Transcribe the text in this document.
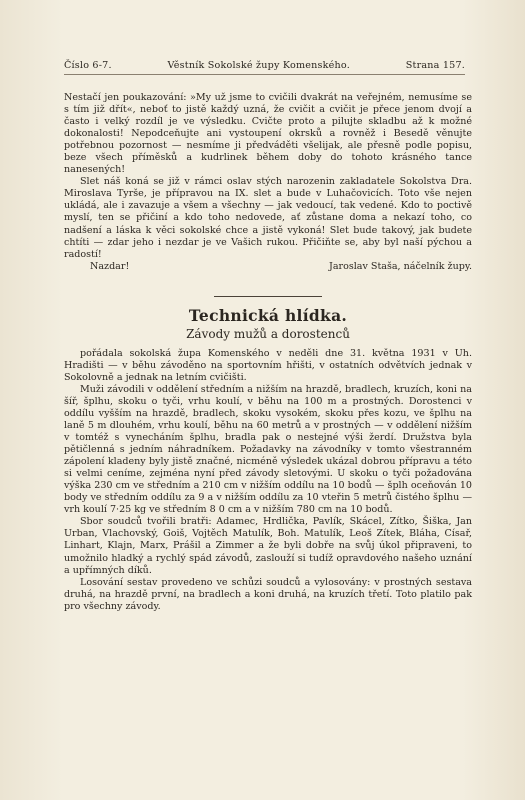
Číslo 6-7.	Věstník Sokolské župy Komenského.	Strana 157.

Nestačí jen poukazování: »My už jsme to cvičili dvakrát na veřejném, nemusíme se s tím již dřít«, neboť to jistě každý uzná, že cvičit a cvičit je přece jenom dvojí a často i velký rozdíl je ve výsledku. Cvičte proto a pilujte skladbu až k možné dokonalosti! Nepodceňujte ani vystoupení okrsků a rovněž i Besedě věnujte potřebnou pozornost — nesmíme ji předváděti všelijak, ale přesně podle popisu, beze všech příměsků a kudrlinek během doby do tohoto krásného tance nanesených!

Slet náš koná se již v rámci oslav stých narozenin zakladatele Sokolstva Dra. Miroslava Tyrše, je přípravou na IX. slet a bude v Luhačovicích. Toto vše nejen ukládá, ale i zavazuje a všem a všechny — jak vedoucí, tak vedené. Kdo to poctivě myslí, ten se přičiní a kdo toho nedovede, ať zůstane doma a nekazí toho, co nadšení a láska k věci sokolské chce a jistě vykoná! Slet bude takový, jak budete chtíti — zdar jeho i nezdar je ve Vašich rukou. Přičiňte se, aby byl naší pýchou a radostí!

Nazdar!	Jaroslav Staša, náčelník župy.
Technická hlídka.
Závody mužů a dorostenců

pořádala sokolská župa Komenského v neděli dne 31. května 1931 v Uh. Hradišti — v běhu závoděno na sportovním hřišti, v ostatních odvětvích jednak v Sokolovně a jednak na letním cvičišti.

Muži závodili v oddělení středním a nižším na hrazdě, bradlech, kruzích, koni na šíř, šplhu, skoku o tyči, vrhu koulí, v běhu na 100 m a prostných. Dorostenci v oddílu vyšším na hrazdě, bradlech, skoku vysokém, skoku přes kozu, ve šplhu na laně 5 m dlouhém, vrhu koulí, běhu na 60 metrů a v prostných — v oddělení nižším v tomtéž s vynecháním šplhu, bradla pak o nestejné výši žerdí. Družstva byla pětičlenná s jedním náhradníkem. Požadavky na závodníky v tomto všestranném zápolení kladeny byly jistě značné, nicméně výsledek ukázal dobrou přípravu a této si velmi ceníme, zejména nyní před závody sletovými. U skoku o tyči požadována výška 230 cm ve středním a 210 cm v nižším oddílu na 10 bodů — šplh oceňován 10 body ve středním oddílu za 9 a v nižším oddílu za 10 vteřin 5 metrů čistého šplhu — vrh koulí 7·25 kg ve středním 8 0 cm a v nižším 780 cm na 10 bodů.

Sbor soudců tvořili bratři: Adamec, Hrdlička, Pavlík, Skácel, Zítko, Šiška, Jan Urban, Vlachovský, Goiš, Vojtěch Matulík, Boh. Matulík, Leoš Zítek, Bláha, Císař, Linhart, Klajn, Marx, Prášil a Zimmer a že byli dobře na svůj úkol připraveni, to umožnilo hladký a rychlý spád závodů, zaslouží si tudíž opravdového našeho uznání a upřímných díků.

Losování sestav provedeno ve schůzi soudců a vylosovány: v prostných sestava druhá, na hrazdě první, na bradlech a koni druhá, na kruzích třetí. Toto platilo pak pro všechny závody.
